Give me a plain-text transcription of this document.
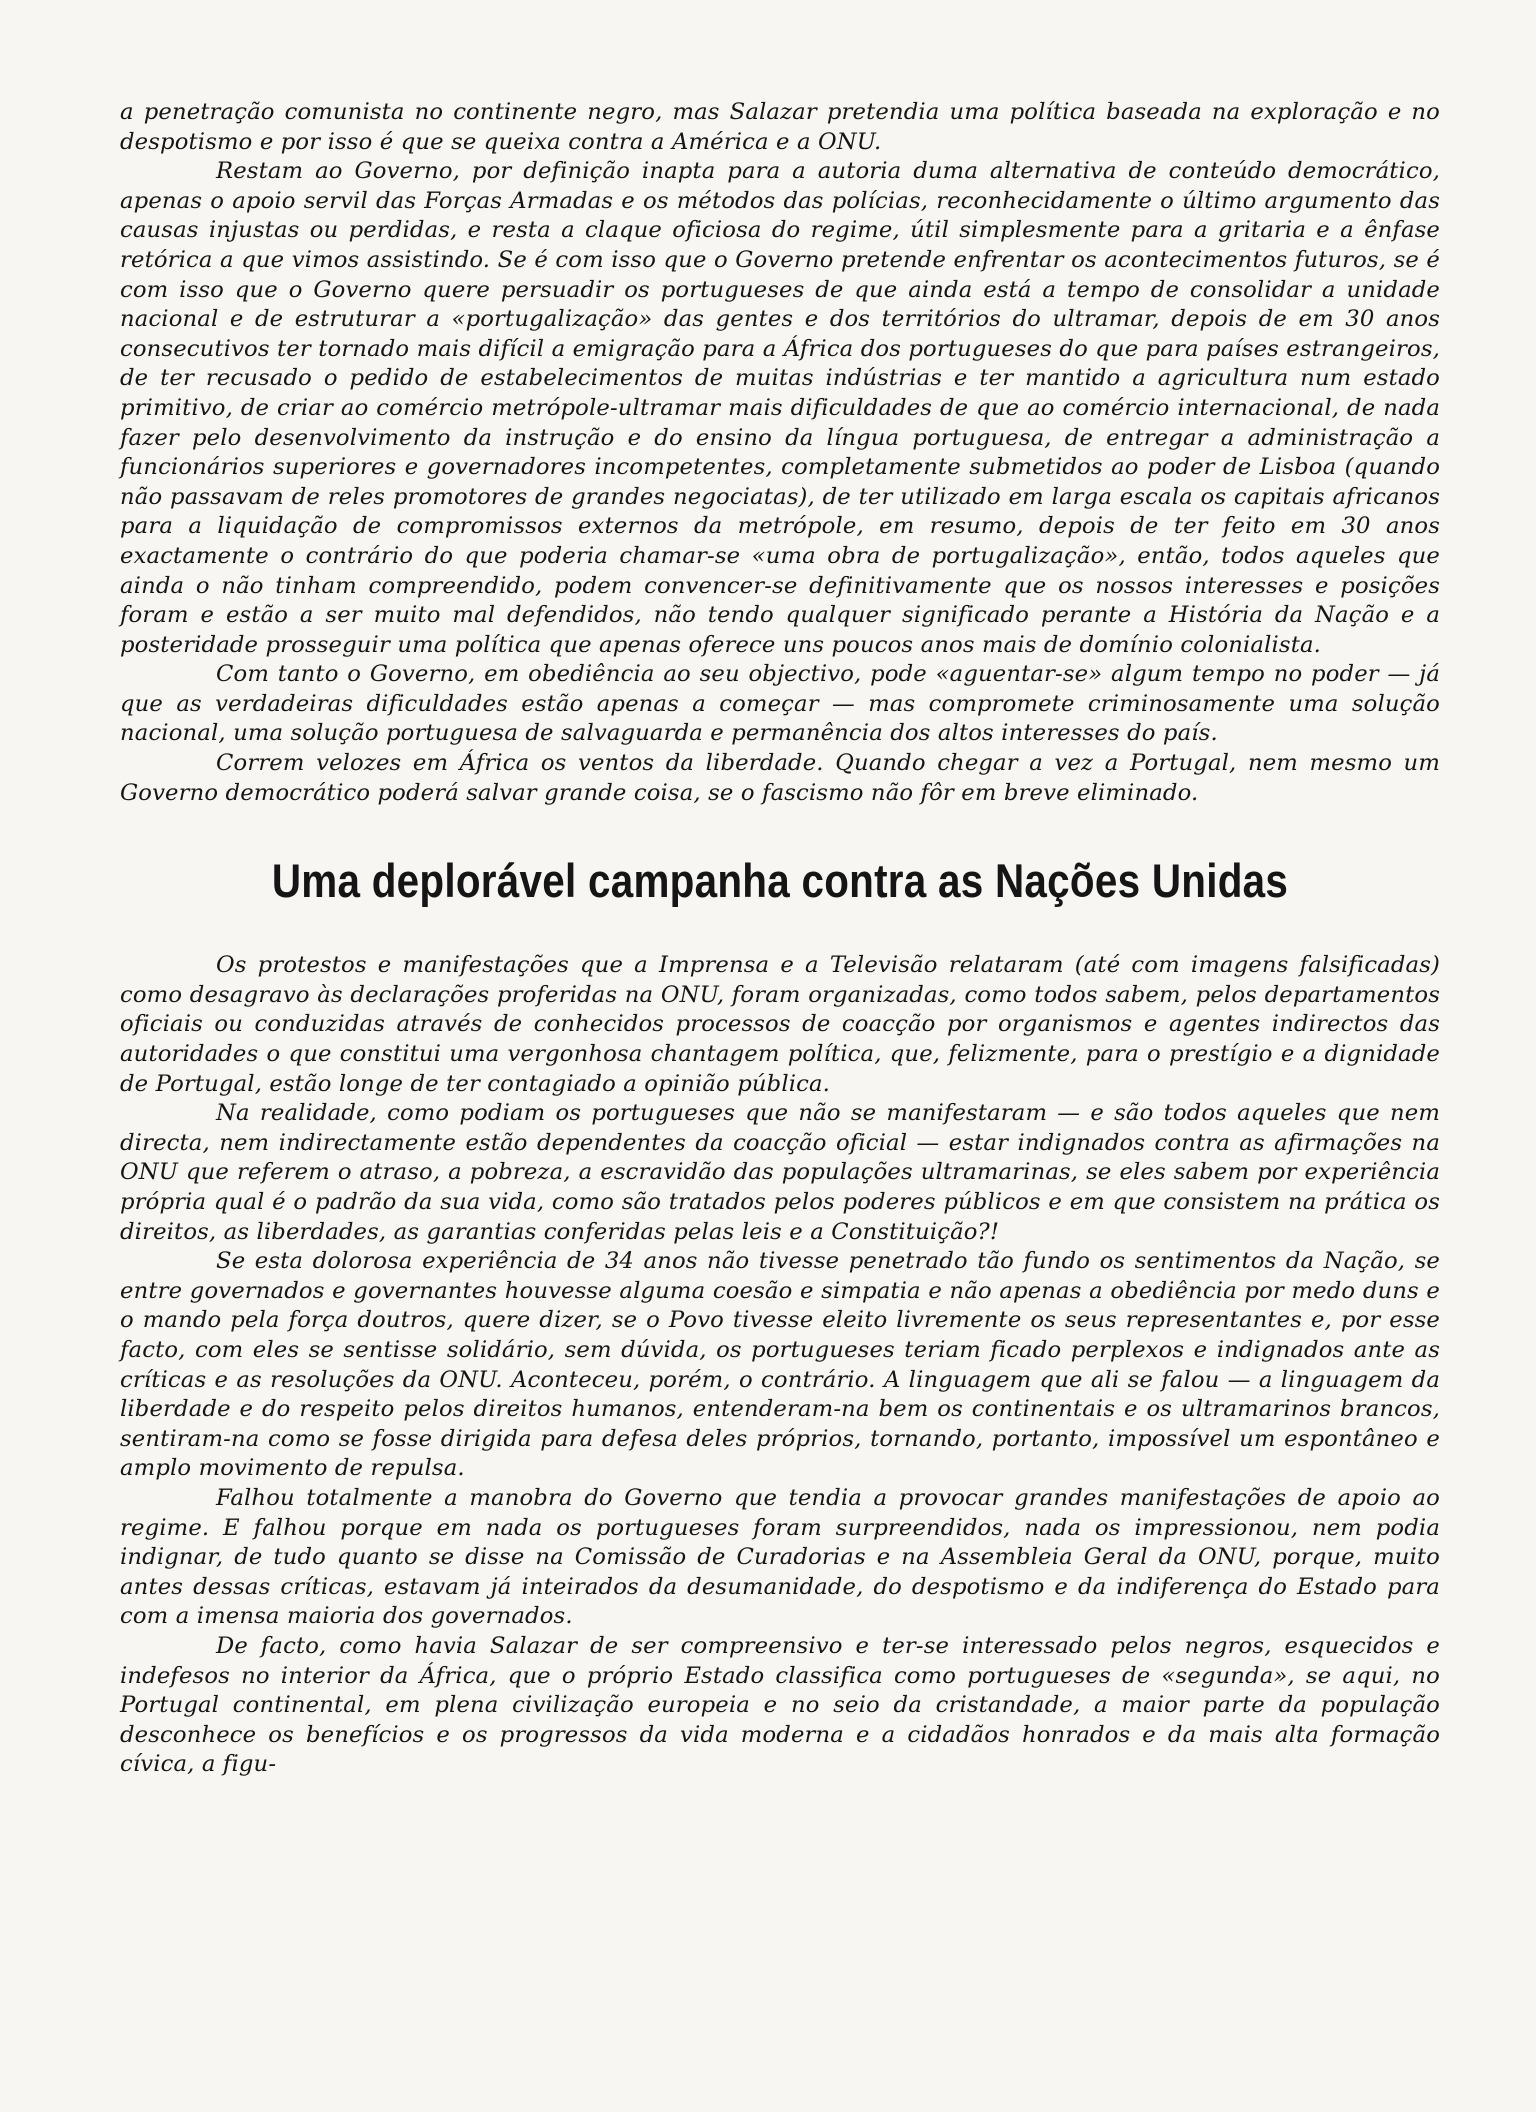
a penetração comunista no continente negro, mas Salazar pretendia uma política baseada na exploração e no despotismo e por isso é que se queixa contra a América e a ONU.

Restam ao Governo, por definição inapta para a autoria duma alternativa de conteúdo democrático, apenas o apoio servil das Forças Armadas e os métodos das polícias, reconhecidamente o último argumento das causas injustas ou perdidas, e resta a claque oficiosa do regime, útil simplesmente para a gritaria e a ênfase retórica a que vimos assistindo. Se é com isso que o Governo pretende enfrentar os acontecimentos futuros, se é com isso que o Governo quere persuadir os portugueses de que ainda está a tempo de consolidar a unidade nacional e de estruturar a «portugalização» das gentes e dos territórios do ultramar, depois de em 30 anos consecutivos ter tornado mais difícil a emigração para a África dos portugueses do que para países estrangeiros, de ter recusado o pedido de estabelecimentos de muitas indústrias e ter mantido a agricultura num estado primitivo, de criar ao comércio metrópole-ultramar mais dificuldades de que ao comércio internacional, de nada fazer pelo desenvolvimento da instrução e do ensino da língua portuguesa, de entregar a administração a funcionários superiores e governadores incompetentes, completamente submetidos ao poder de Lisboa (quando não passavam de reles promotores de grandes negociatas), de ter utilizado em larga escala os capitais africanos para a liquidação de compromissos externos da metrópole, em resumo, depois de ter feito em 30 anos exactamente o contrário do que poderia chamar-se «uma obra de portugalização», então, todos aqueles que ainda o não tinham compreendido, podem convencer-se definitivamente que os nossos interesses e posições foram e estão a ser muito mal defendidos, não tendo qualquer significado perante a História da Nação e a posteridade prosseguir uma política que apenas oferece uns poucos anos mais de domínio colonialista.

Com tanto o Governo, em obediência ao seu objectivo, pode «aguentar-se» algum tempo no poder — já que as verdadeiras dificuldades estão apenas a começar — mas compromete criminosamente uma solução nacional, uma solução portuguesa de salvaguarda e permanência dos altos interesses do país.

Correm velozes em África os ventos da liberdade. Quando chegar a vez a Portugal, nem mesmo um Governo democrático poderá salvar grande coisa, se o fascismo não fôr em breve eliminado.

Uma deplorável campanha contra as Nações Unidas

Os protestos e manifestações que a Imprensa e a Televisão relataram (até com imagens falsificadas) como desagravo às declarações proferidas na ONU, foram organizadas, como todos sabem, pelos departamentos oficiais ou conduzidas através de conhecidos processos de coacção por organismos e agentes indirectos das autoridades o que constitui uma vergonhosa chantagem política, que, felizmente, para o prestígio e a dignidade de Portugal, estão longe de ter contagiado a opinião pública.

Na realidade, como podiam os portugueses que não se manifestaram — e são todos aqueles que nem directa, nem indirectamente estão dependentes da coacção oficial — estar indignados contra as afirmações na ONU que referem o atraso, a pobreza, a escravidão das populações ultramarinas, se eles sabem por experiência própria qual é o padrão da sua vida, como são tratados pelos poderes públicos e em que consistem na prática os direitos, as liberdades, as garantias conferidas pelas leis e a Constituição?!

Se esta dolorosa experiência de 34 anos não tivesse penetrado tão fundo os sentimentos da Nação, se entre governados e governantes houvesse alguma coesão e simpatia e não apenas a obediência por medo duns e o mando pela força doutros, quere dizer, se o Povo tivesse eleito livremente os seus representantes e, por esse facto, com eles se sentisse solidário, sem dúvida, os portugueses teriam ficado perplexos e indignados ante as críticas e as resoluções da ONU. Aconteceu, porém, o contrário. A linguagem que ali se falou — a linguagem da liberdade e do respeito pelos direitos humanos, entenderam-na bem os continentais e os ultramarinos brancos, sentiram-na como se fosse dirigida para defesa deles próprios, tornando, portanto, impossível um espontâneo e amplo movimento de repulsa.

Falhou totalmente a manobra do Governo que tendia a provocar grandes manifestações de apoio ao regime. E falhou porque em nada os portugueses foram surpreendidos, nada os impressionou, nem podia indignar, de tudo quanto se disse na Comissão de Curadorias e na Assembleia Geral da ONU, porque, muito antes dessas críticas, estavam já inteirados da desumanidade, do despotismo e da indiferença do Estado para com a imensa maioria dos governados.

De facto, como havia Salazar de ser compreensivo e ter-se interessado pelos negros, esquecidos e indefesos no interior da África, que o próprio Estado classifica como portugueses de «segunda», se aqui, no Portugal continental, em plena civilização europeia e no seio da cristandade, a maior parte da população desconhece os benefícios e os progressos da vida moderna e a cidadãos honrados e da mais alta formação cívica, a figu-
